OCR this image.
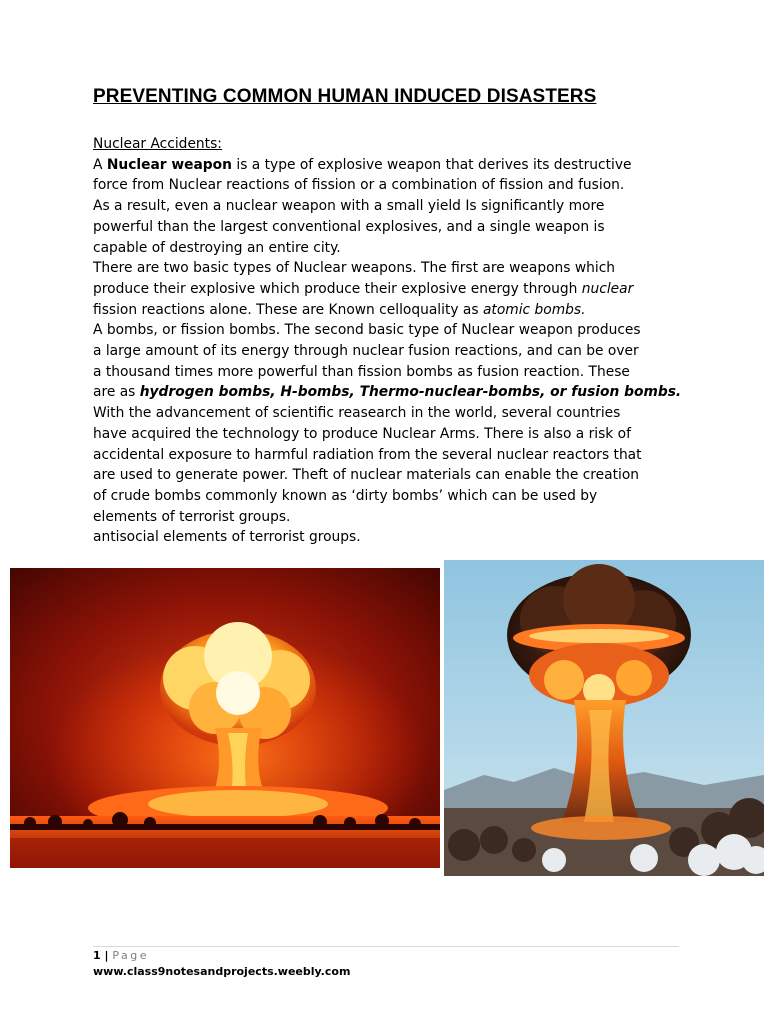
PREVENTING COMMON HUMAN INDUCED DISASTERS
Nuclear Accidents:
A Nuclear weapon is a type of explosive weapon that derives its destructive
force from Nuclear reactions of fission or a combination of fission and fusion.
As a result, even a nuclear weapon with a small yield Is significantly more
powerful than the largest conventional explosives, and a single weapon is
capable of destroying an entire city.
There are two basic types of Nuclear weapons. The first are weapons which
produce their explosive which produce their explosive energy through nuclear
fission reactions alone. These are Known celloquality as atomic bombs.
A bombs, or fission bombs. The second basic type of Nuclear weapon produces
a large amount of its energy through nuclear fusion reactions, and can be over
a thousand times more powerful than fission bombs as fusion reaction. These
are as hydrogen bombs, H-bombs, Thermo-nuclear-bombs, or fusion bombs.
With the advancement of scientific reasearch in the world, several countries
have acquired the technology to produce Nuclear Arms. There is also a risk of
accidental exposure to harmful radiation from the several nuclear reactors that
are used to generate power. Theft of nuclear materials can enable the creation
of crude bombs commonly known as ‘dirty bombs’ which can be used by
elements of terrorist groups.
antisocial elements of terrorist groups.
1 | Page
www.class9notesandprojects.weebly.com
